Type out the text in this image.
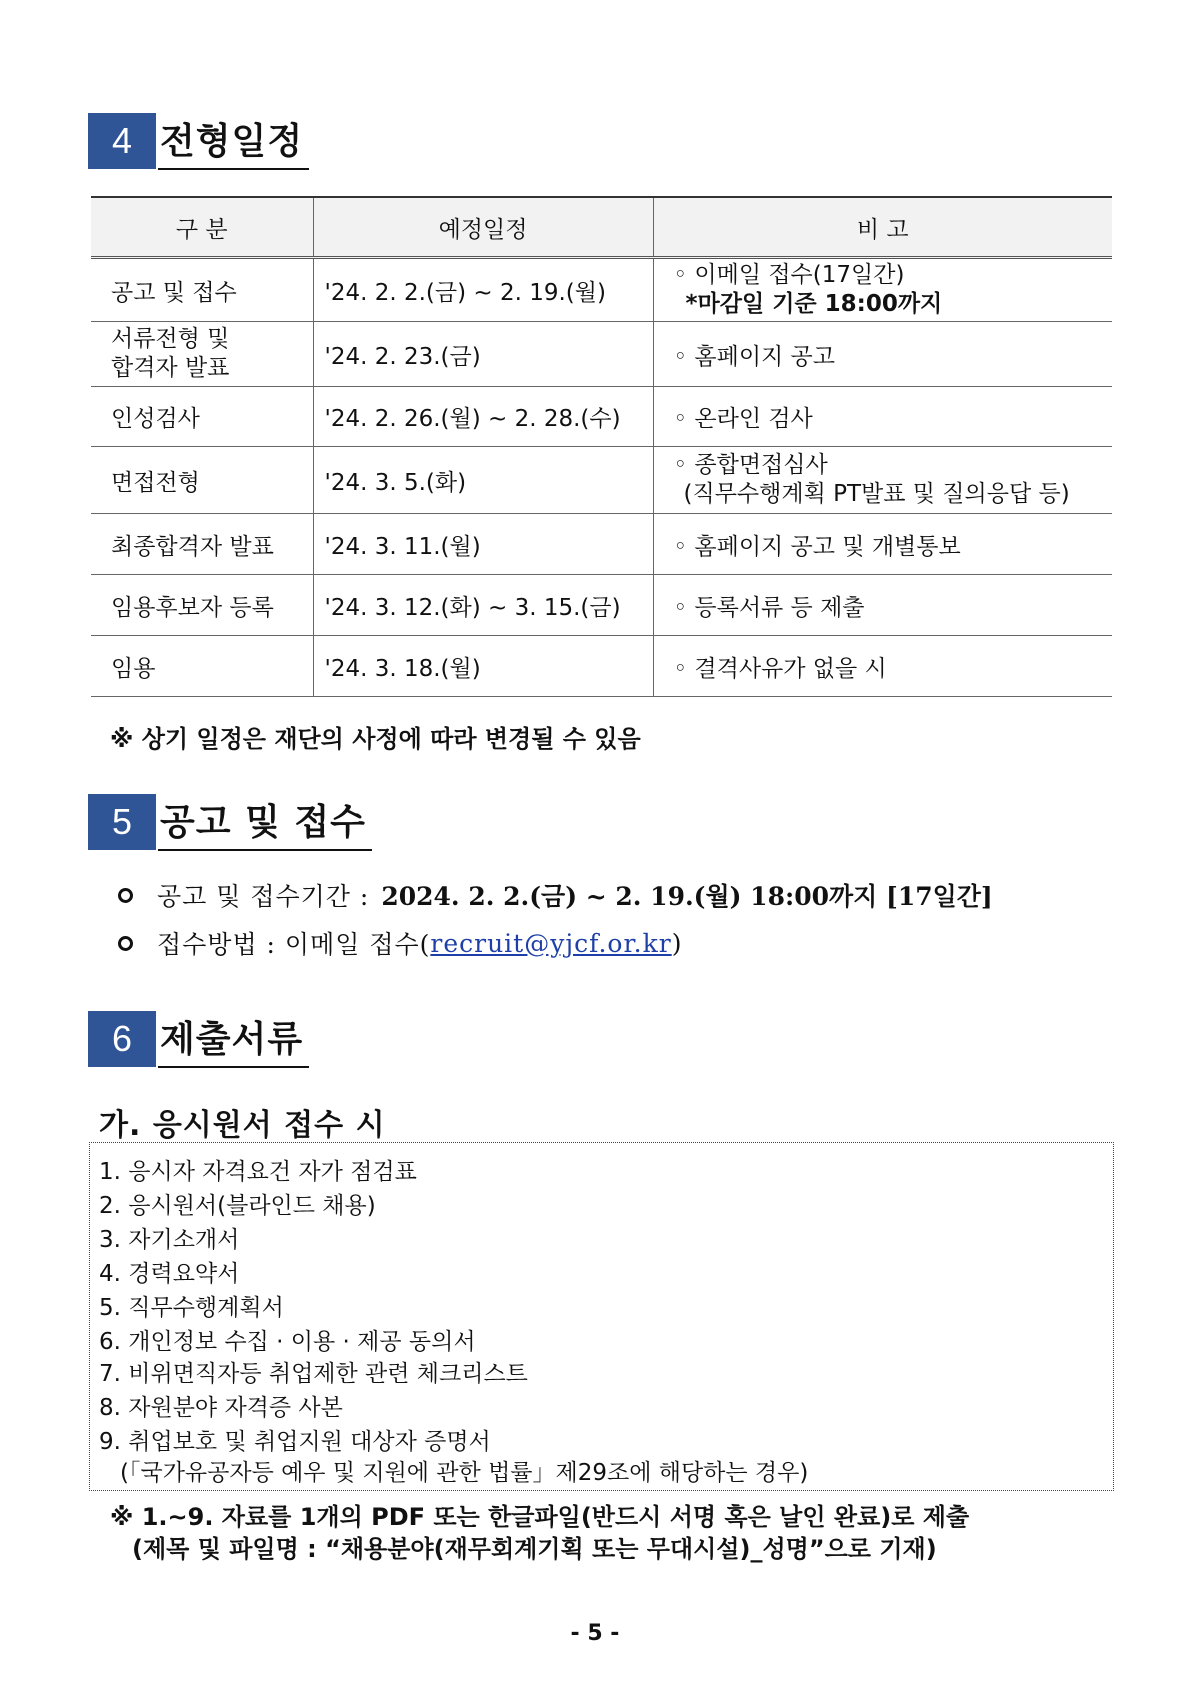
4 전형일정
구 분	예정일정	비 고
공고 및 접수	'24. 2. 2.(금) ~ 2. 19.(월)	◦ 이메일 접수(17일간)
*마감일 기준 18:00까지

서류전형 및
합격자 발표	'24. 2. 23.(금)	◦ 홈페이지 공고
인성검사	'24. 2. 26.(월) ~ 2. 28.(수)	◦ 온라인 검사
면접전형	'24. 3. 5.(화)	◦ 종합면접심사
(직무수행계획 PT발표 및 질의응답 등)

최종합격자 발표	'24. 3. 11.(월)	◦ 홈페이지 공고 및 개별통보
임용후보자 등록	'24. 3. 12.(화) ~ 3. 15.(금)	◦ 등록서류 등 제출
임용	'24. 3. 18.(월)	◦ 결격사유가 없을 시
※ 상기 일정은 재단의 사정에 따라 변경될 수 있음
5 공고 및 접수
공고 및 접수기간 : 2024. 2. 2.(금) ~ 2. 19.(월) 18:00까지 [17일간]
접수방법 : 이메일 접수( recruit@yjcf.or.kr )
6 제출서류
가. 응시원서 접수 시
1. 응시자 자격요건 자가 점검표
2. 응시원서(블라인드 채용)
3. 자기소개서
4. 경력요약서
5. 직무수행계획서
6. 개인정보 수집 · 이용 · 제공 동의서
7. 비위면직자등 취업제한 관련 체크리스트
8. 자원분야 자격증 사본
9. 취업보호 및 취업지원 대상자 증명서
(「국가유공자등 예우 및 지원에 관한 법률」제29조에 해당하는 경우)
※ 1.~9. 자료를 1개의 PDF 또는 한글파일(반드시 서명 혹은 날인 완료)로 제출
(제목 및 파일명 : “채용분야(재무회계기획 또는 무대시설)_성명”으로 기재)
- 5 -
